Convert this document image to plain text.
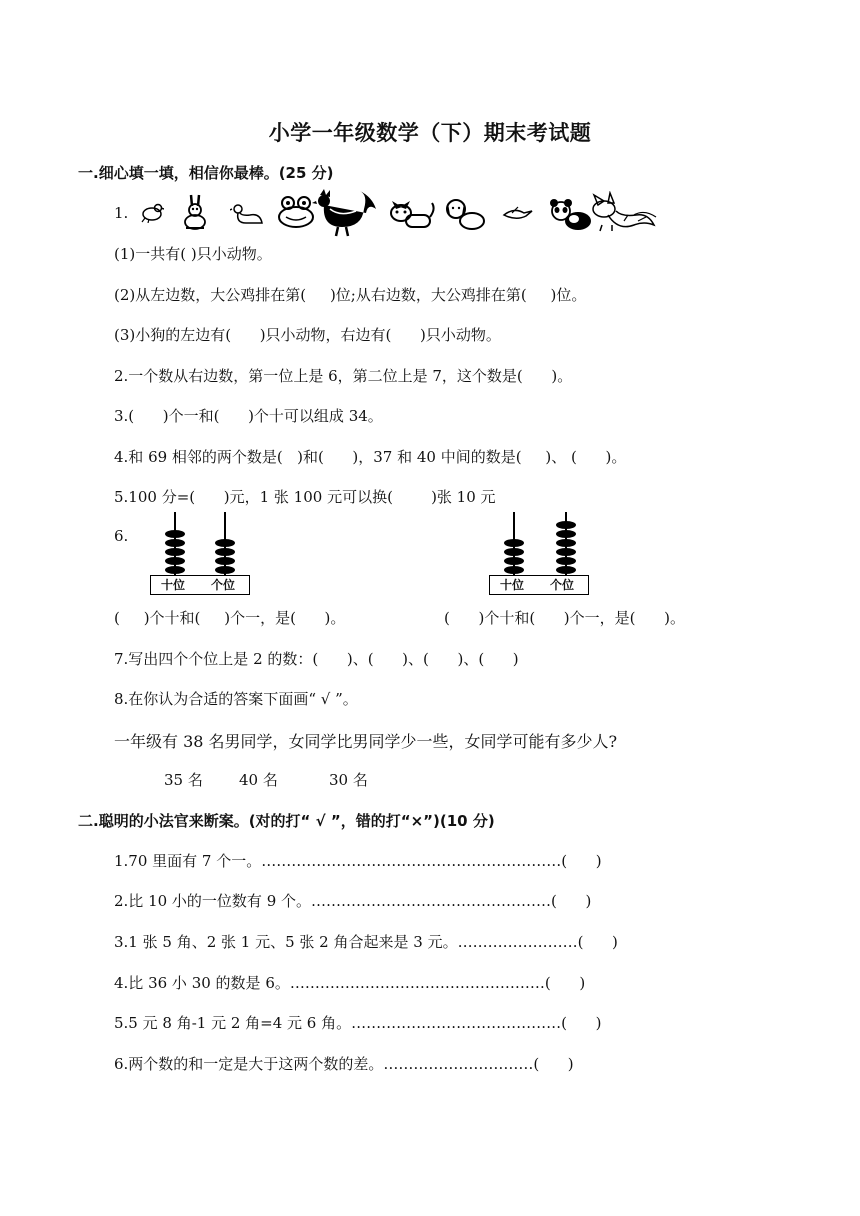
小学一年级数学（下）期末考试题
一.细心填一填，相信你最棒。(25 分)
1.
(1)一共有( )只小动物。
(2)从左边数，大公鸡排在第(     )位;从右边数，大公鸡排在第(     )位。
(3)小狗的左边有(      )只小动物，右边有(      )只小动物。
2.一个数从右边数，第一位上是 6，第二位上是 7，这个数是(      )。
3.(      )个一和(      )个十可以组成 34。
4.和 69 相邻的两个数是(   )和(      )，37 和 40 中间的数是(     )、 (      )。
5.100 分=(      )元，1 张 100 元可以换(        )张 10 元
6.
十位 个位	十位 个位
(     )个十和(     )个一，是(      )。	(      )个十和(      )个一，是(      )。
7.写出四个个位上是 2 的数：(      )、(      )、(      )、(      )
8.在你认为合适的答案下面画“ √ ”。
一年级有 38 名男同学，女同学比男同学少一些，女同学可能有多少人?
35 名 40 名	30 名
二.聪明的小法官来断案。(对的打“ √ ”，错的打“×”)(10 分)
1.70 里面有 7 个一。……………………………………………………(      )
2.比 10 小的一位数有 9 个。…………………………………………(      )
3.1 张 5 角、2 张 1 元、5 张 2 角合起来是 3 元。……………………(      )
4.比 36 小 30 的数是 6。……………………………………………(      )
5.5 元 8 角-1 元 2 角=4 元 6 角。……………………………………(      )
6.两个数的和一定是大于这两个数的差。…………………………(      )
